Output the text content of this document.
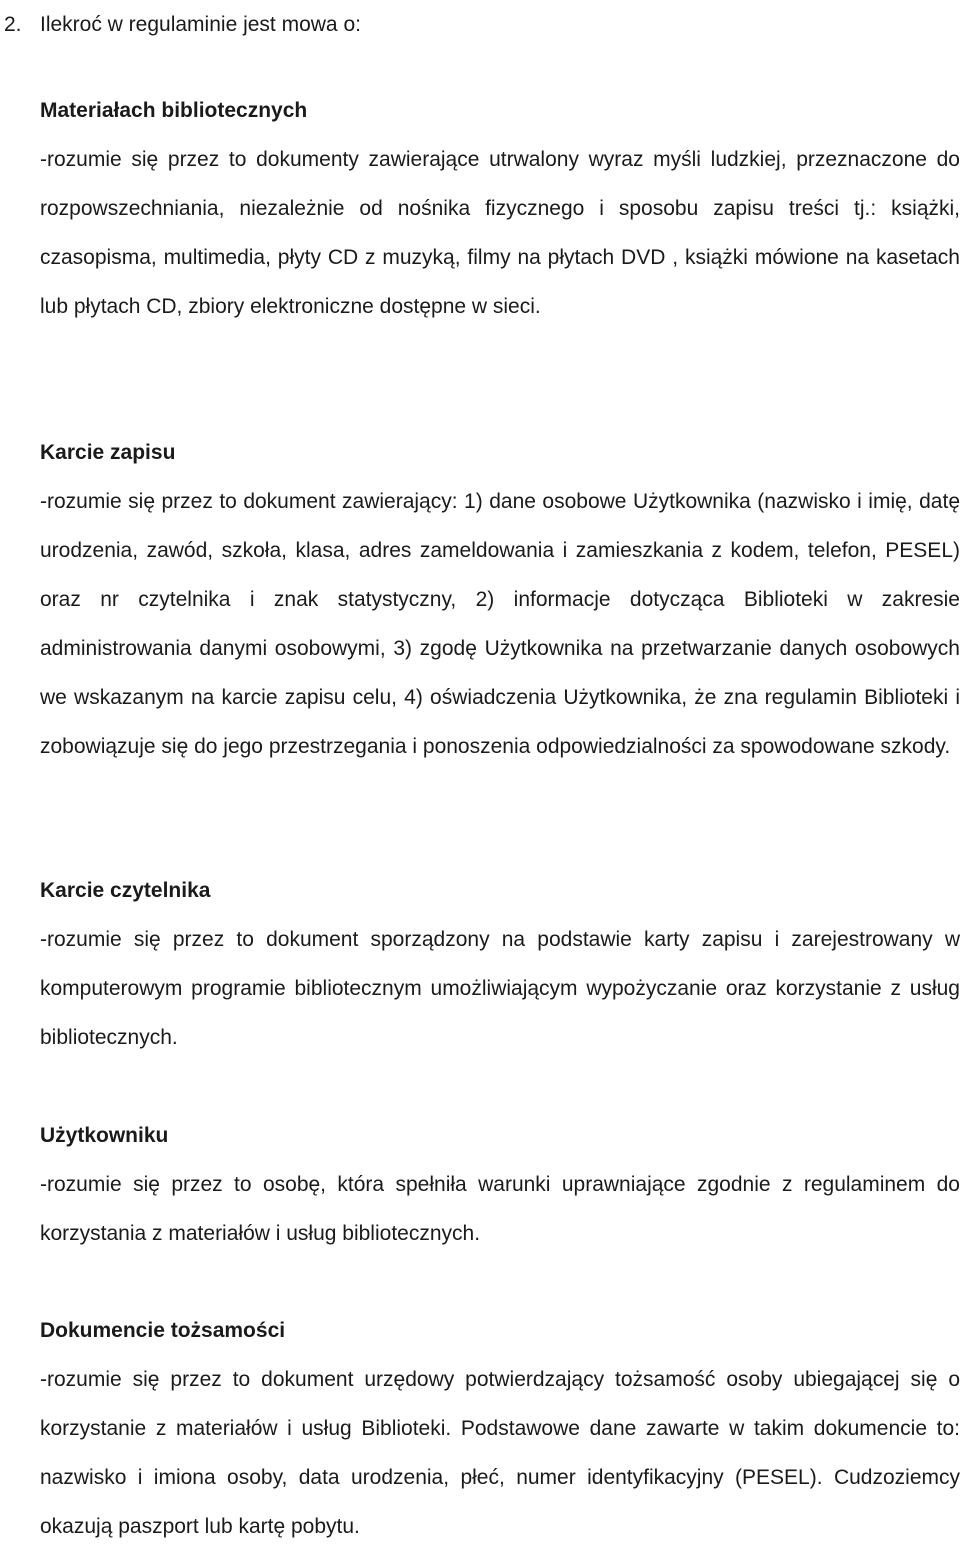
2. Ilekroć w regulaminie jest mowa o:
Materiałach bibliotecznych

-rozumie się przez to dokumenty zawierające utrwalony wyraz myśli ludzkiej, przeznaczone do rozpowszechniania, niezależnie od nośnika fizycznego i sposobu zapisu treści tj.: książki, czasopisma, multimedia, płyty CD z muzyką, filmy na płytach DVD , książki mówione na kasetach lub płytach CD, zbiory elektroniczne dostępne w sieci.

Karcie zapisu

-rozumie się przez to dokument zawierający: 1) dane osobowe Użytkownika (nazwisko i imię, datę urodzenia, zawód, szkoła, klasa, adres zameldowania i zamieszkania z kodem, telefon, PESEL) oraz nr czytelnika i znak statystyczny, 2) informacje dotycząca Biblioteki w zakresie administrowania danymi osobowymi, 3) zgodę Użytkownika na przetwarzanie danych osobowych we wskazanym na karcie zapisu celu, 4) oświadczenia Użytkownika, że zna regulamin Biblioteki i zobowiązuje się do jego przestrzegania i ponoszenia odpowiedzialności za spowodowane szkody.

Karcie czytelnika

-rozumie się przez to dokument sporządzony na podstawie karty zapisu i zarejestrowany w komputerowym programie bibliotecznym umożliwiającym wypożyczanie oraz korzystanie z usług bibliotecznych.

Użytkowniku

-rozumie się przez to osobę, która spełniła warunki uprawniające zgodnie z regulaminem do korzystania z materiałów i usług bibliotecznych.

Dokumencie tożsamości

-rozumie się przez to dokument urzędowy potwierdzający tożsamość osoby ubiegającej się o korzystanie z materiałów i usług Biblioteki. Podstawowe dane zawarte w takim dokumencie to: nazwisko i imiona osoby, data urodzenia, płeć, numer identyfikacyjny (PESEL). Cudzoziemcy okazują paszport lub kartę pobytu.
